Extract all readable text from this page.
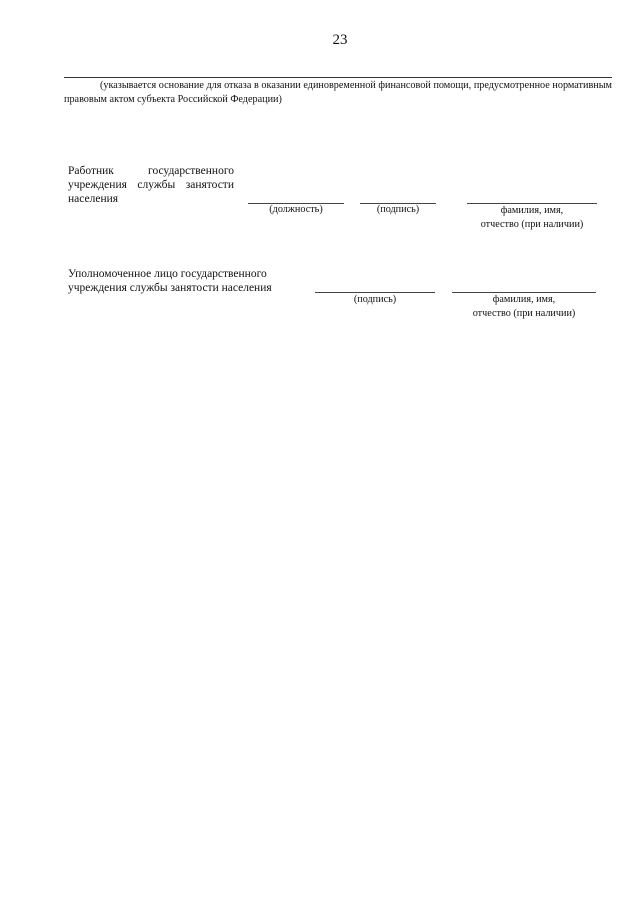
23
(указывается основание для отказа в оказании единовременной финансовой помощи, предусмотренное нормативным правовым актом субъекта Российской Федерации)
Работник государственного учреждения службы занятости населения
(должность)	(подпись)	фамилия, имя,
отчество (при наличии)
Уполномоченное лицо государственного учреждения службы занятости населения
(подпись)	фамилия, имя,
отчество (при наличии)
